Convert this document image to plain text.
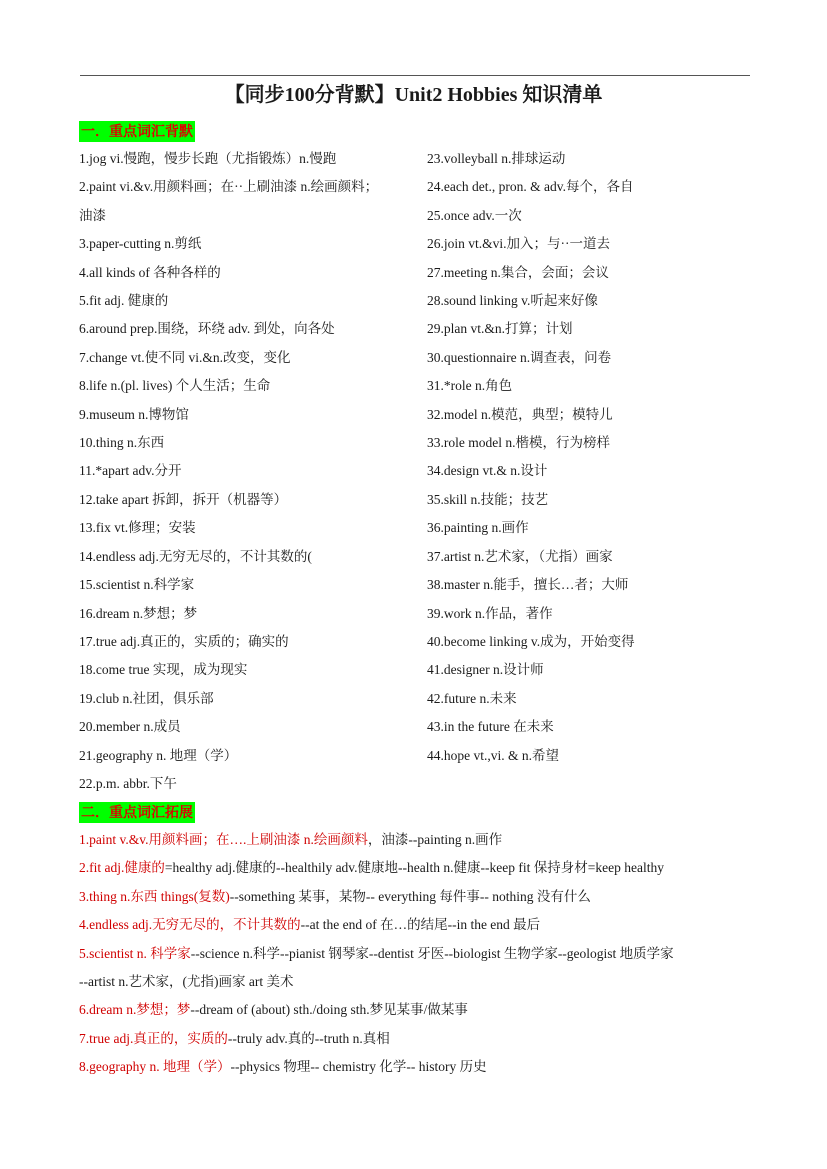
【同步100分背默】Unit2 Hobbies 知识清单
一．重点词汇背默
1.jog vi.慢跑，慢步长跑（尤指锻炼）n.慢跑
2.paint vi.&v.用颜料画；在··上刷油漆 n.绘画颜料；
油漆
3.paper-cutting n.剪纸
4.all kinds of 各种各样的
5.fit adj. 健康的
6.around prep.围绕，环绕 adv. 到处，向各处
7.change vt.使不同 vi.&n.改变，变化
8.life n.(pl. lives) 个人生活；生命
9.museum n.博物馆
10.thing n.东西
11.*apart adv.分开
12.take apart 拆卸，拆开（机器等）
13.fix vt.修理；安装
14.endless adj.无穷无尽的，不计其数的(
15.scientist n.科学家
16.dream n.梦想；梦
17.true adj.真正的，实质的；确实的
18.come true 实现，成为现实
19.club n.社团，俱乐部
20.member n.成员
21.geography n. 地理（学）
22.p.m. abbr.下午
23.volleyball n.排球运动
24.each det., pron. & adv.每个，各自
25.once adv.一次
26.join vt.&vi.加入；与··一道去
27.meeting n.集合，会面；会议
28.sound linking v.听起来好像
29.plan vt.&n.打算；计划
30.questionnaire n.调查表，问卷
31.*role n.角色
32.model n.模范，典型；模特儿
33.role model n.楷模，行为榜样
34.design vt.& n.设计
35.skill n.技能；技艺
36.painting n.画作
37.artist n.艺术家，（尤指）画家
38.master n.能手，擅长…者；大师
39.work n.作品，著作
40.become linking v.成为，开始变得
41.designer n.设计师
42.future n.未来
43.in the future 在未来
44.hope vt.,vi. & n.希望
二．重点词汇拓展
1.paint v.&v.用颜料画；在….上刷油漆 n.绘画颜料，油漆--painting n.画作
2.fit adj.健康的=healthy adj.健康的--healthily adv.健康地--health n.健康--keep fit 保持身材=keep healthy
3.thing n.东西 things(复数)--something 某事，某物-- everything 每件事-- nothing 没有什么
4.endless adj.无穷无尽的，不计其数的--at the end of 在…的结尾--in the end 最后
5.scientist n. 科学家--science n.科学--pianist 钢琴家--dentist 牙医--biologist 生物学家--geologist 地质学家
--artist n.艺术家，(尤指)画家 art 美术
6.dream n.梦想；梦--dream of (about) sth./doing sth.梦见某事/做某事
7.true adj.真正的，实质的--truly adv.真的--truth n.真相
8.geography n. 地理（学）--physics 物理-- chemistry 化学-- history 历史
